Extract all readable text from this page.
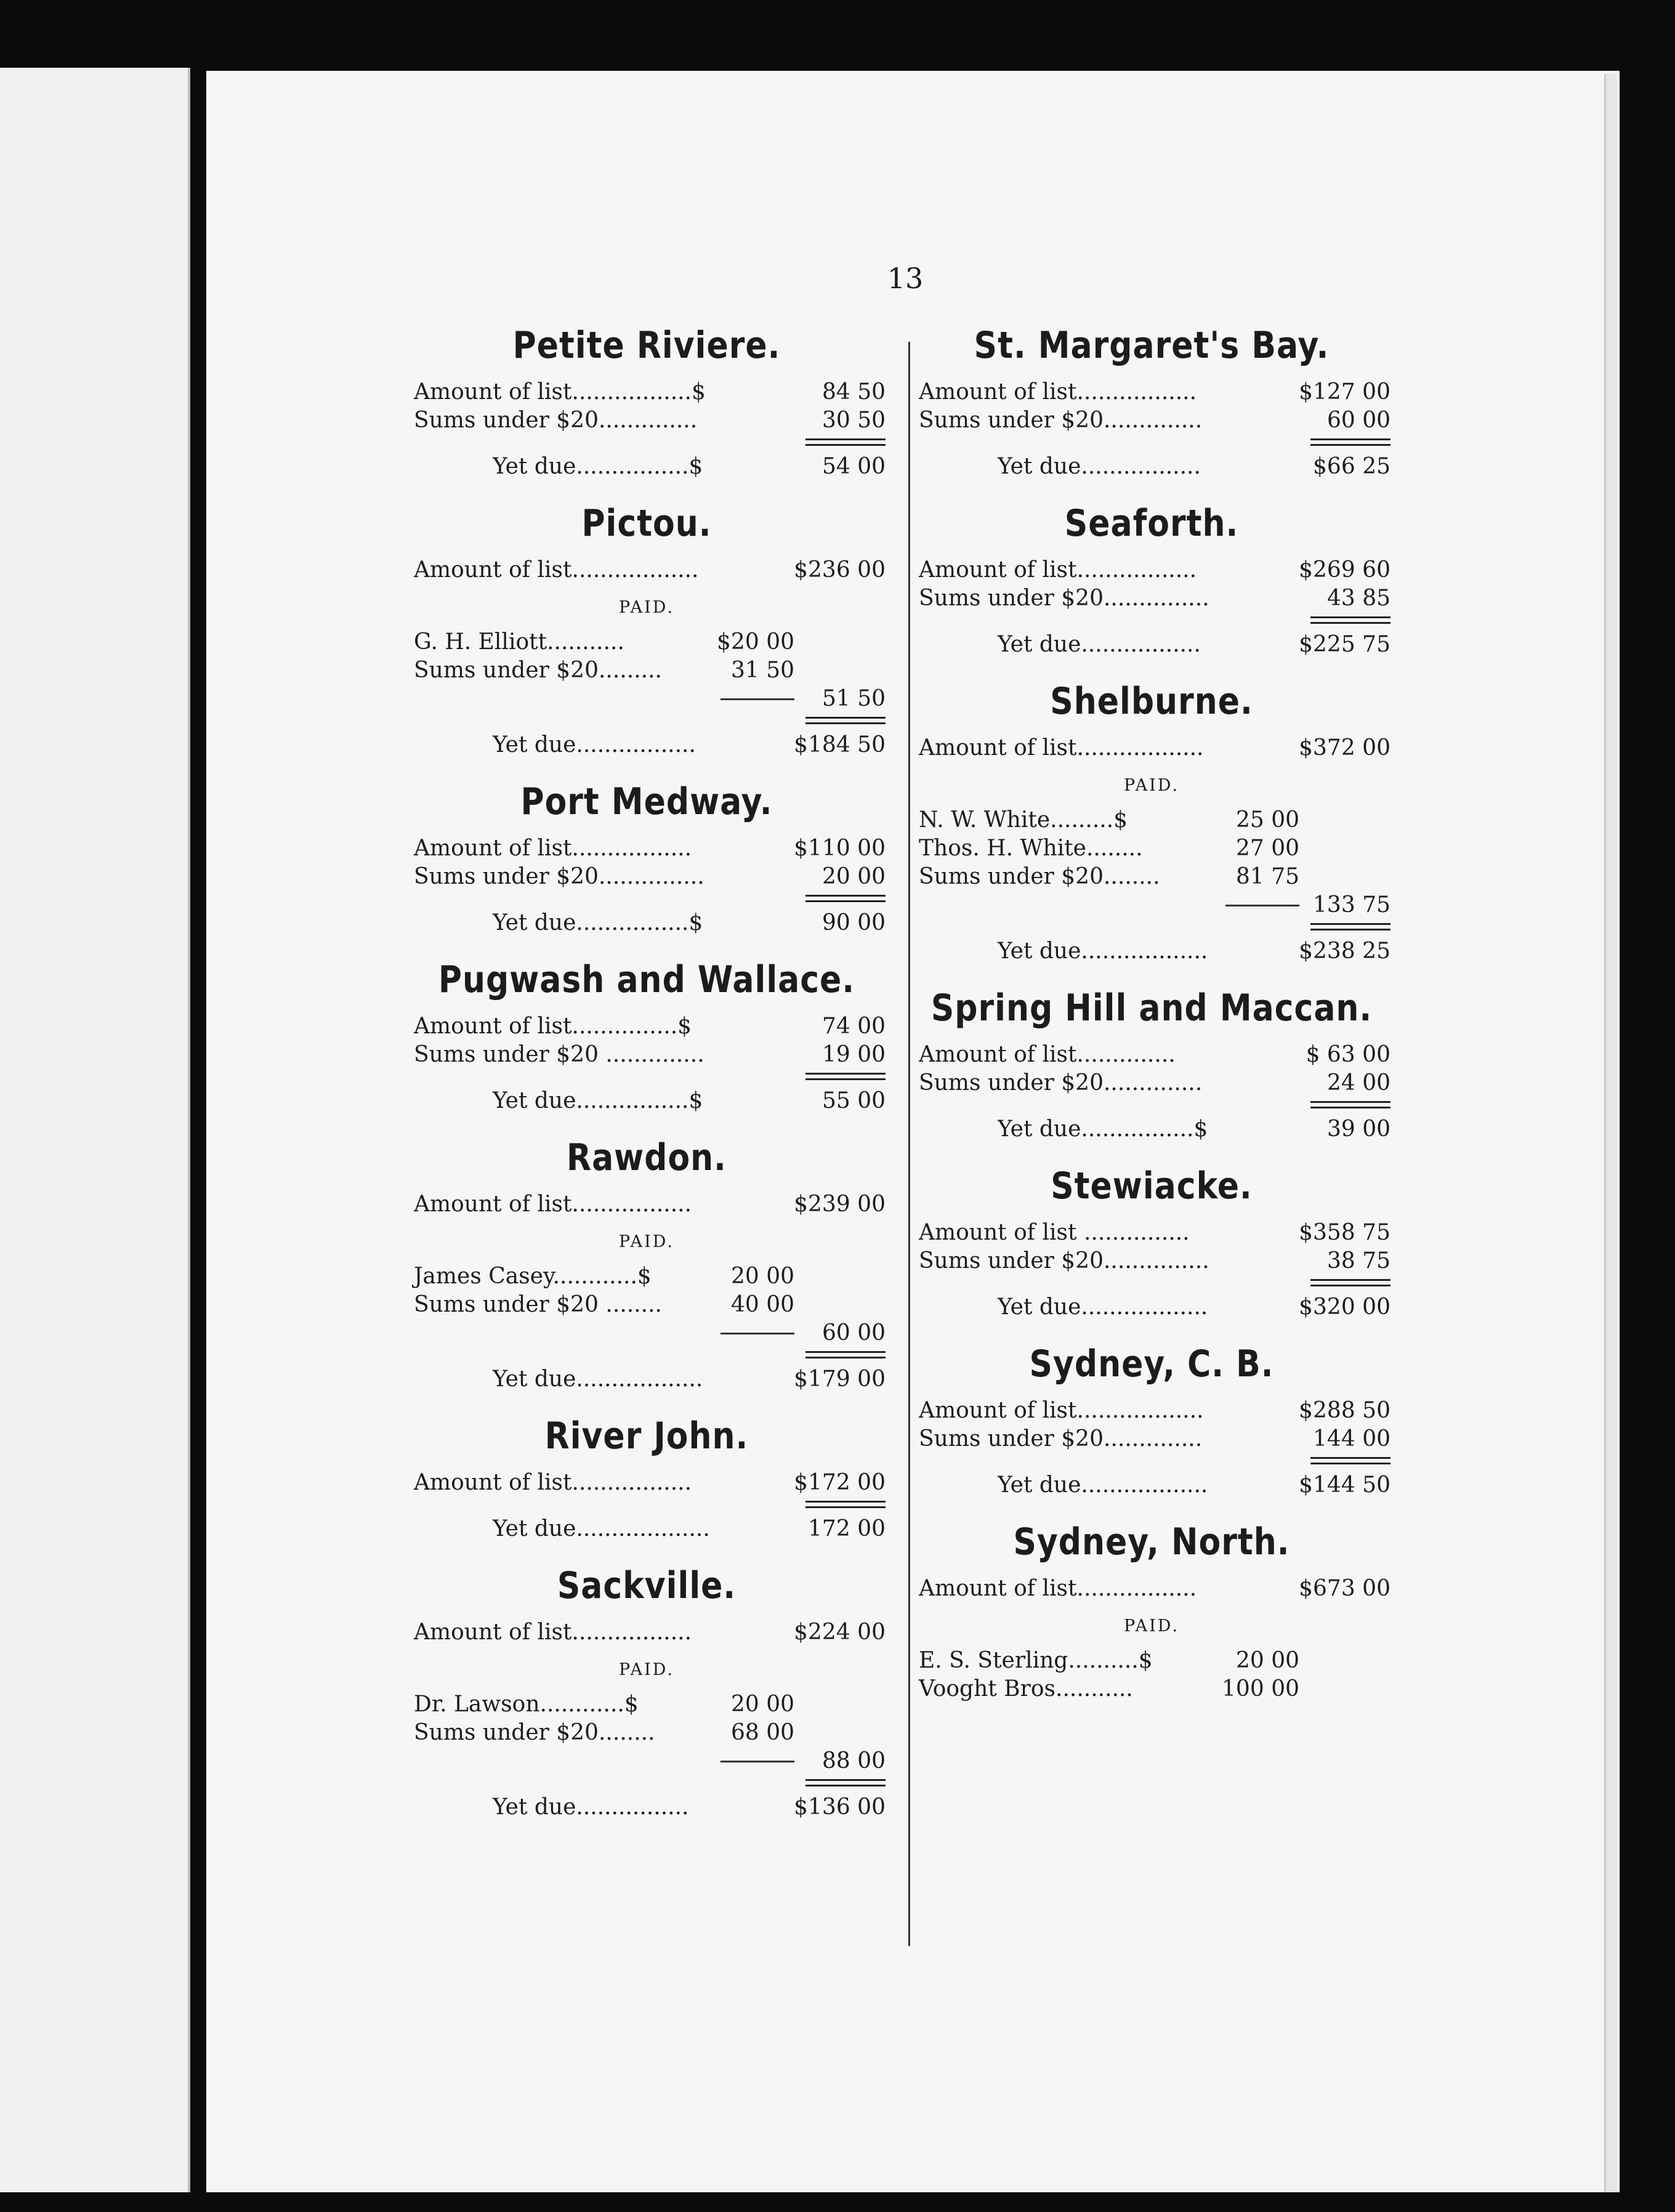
13
Petite Riviere.
Amount of list.................$	84 50
Sums under $20..............	30 50
Yet due................$	54 00
Pictou.
Amount of list..................	$236 00
PAID.
G. H. Elliott...........	$20 00
Sums under $20.........	31 50
51 50
Yet due.................	$184 50
Port Medway.
Amount of list.................	$110 00
Sums under $20...............	20 00
Yet due................$	90 00
Pugwash and Wallace.
Amount of list...............$	74 00
Sums under $20 ..............	19 00
Yet due................$	55 00
Rawdon.
Amount of list.................	$239 00
PAID.
James Casey............$	20 00
Sums under $20 ........	40 00
60 00
Yet due..................	$179 00
River John.
Amount of list.................	$172 00
Yet due...................	172 00
Sackville.
Amount of list.................	$224 00
PAID.
Dr. Lawson............$	20 00
Sums under $20........	68 00
88 00
Yet due................	$136 00
St. Margaret's Bay.
Amount of list.................	$127 00
Sums under $20..............	60 00
Yet due.................	$66 25
Seaforth.
Amount of list.................	$269 60
Sums under $20...............	43 85
Yet due.................	$225 75
Shelburne.
Amount of list..................	$372 00
PAID.
N. W. White.........$	25 00
Thos. H. White........	27 00
Sums under $20........	81 75
133 75
Yet due..................	$238 25
Spring Hill and Maccan.
Amount of list..............	$ 63 00
Sums under $20..............	24 00
Yet due................$	39 00
Stewiacke.
Amount of list ...............	$358 75
Sums under $20...............	38 75
Yet due..................	$320 00
Sydney, C. B.
Amount of list..................	$288 50
Sums under $20..............	144 00
Yet due..................	$144 50
Sydney, North.
Amount of list.................	$673 00
PAID.
E. S. Sterling..........$	20 00
Vooght Bros...........	100 00
